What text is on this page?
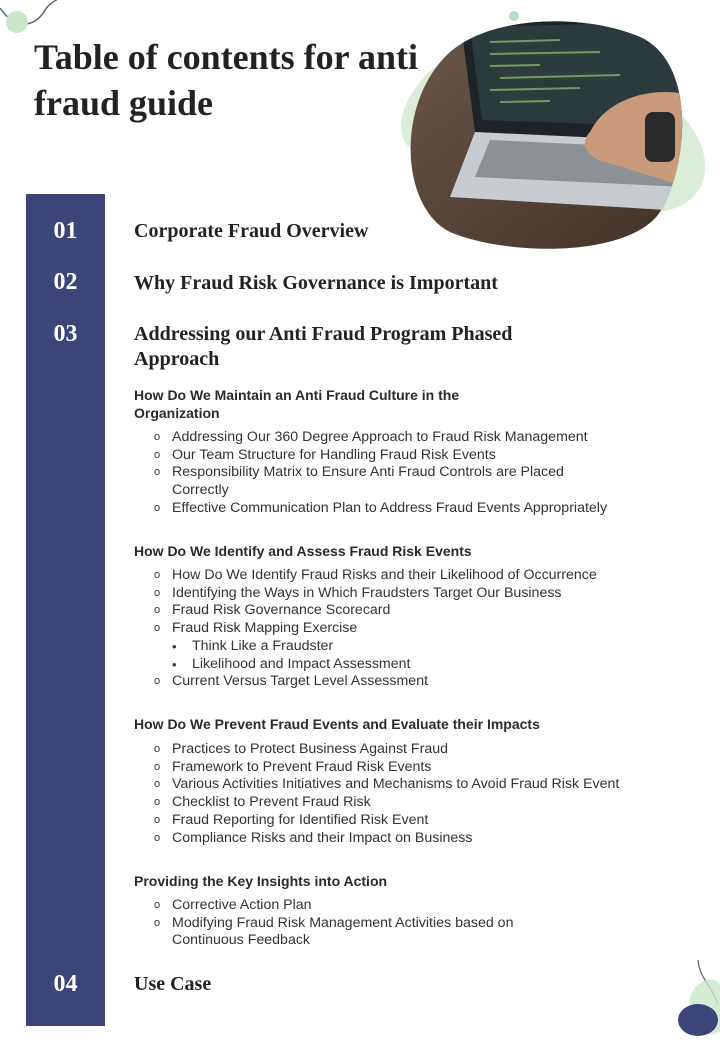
Table of contents for anti fraud guide
01
02
03
04
Corporate Fraud Overview
Why Fraud Risk Governance is Important
Addressing our Anti Fraud Program Phased Approach
Use Case
How Do We Maintain an Anti Fraud Culture in the Organization
o Addressing Our 360 Degree Approach to Fraud Risk Management
o Our Team Structure for Handling Fraud Risk Events
o Responsibility Matrix to Ensure Anti Fraud Controls are Placed Correctly
o Effective Communication Plan to Address Fraud Events Appropriately
How Do We Identify and Assess Fraud Risk Events
o How Do We Identify Fraud Risks and their Likelihood of Occurrence
o Identifying the Ways in Which Fraudsters Target Our Business
o Fraud Risk Governance Scorecard
o Fraud Risk Mapping Exercise
• Think Like a Fraudster
• Likelihood and Impact Assessment
o Current Versus Target Level Assessment
How Do We Prevent Fraud Events and Evaluate their Impacts
o Practices to Protect Business Against Fraud
o Framework to Prevent Fraud Risk Events
o Various Activities Initiatives and Mechanisms to Avoid Fraud Risk Event
o Checklist to Prevent Fraud Risk
o Fraud Reporting for Identified Risk Event
o Compliance Risks and their Impact on Business
Providing the Key Insights into Action
o Corrective Action Plan
o Modifying Fraud Risk Management Activities based on Continuous Feedback
